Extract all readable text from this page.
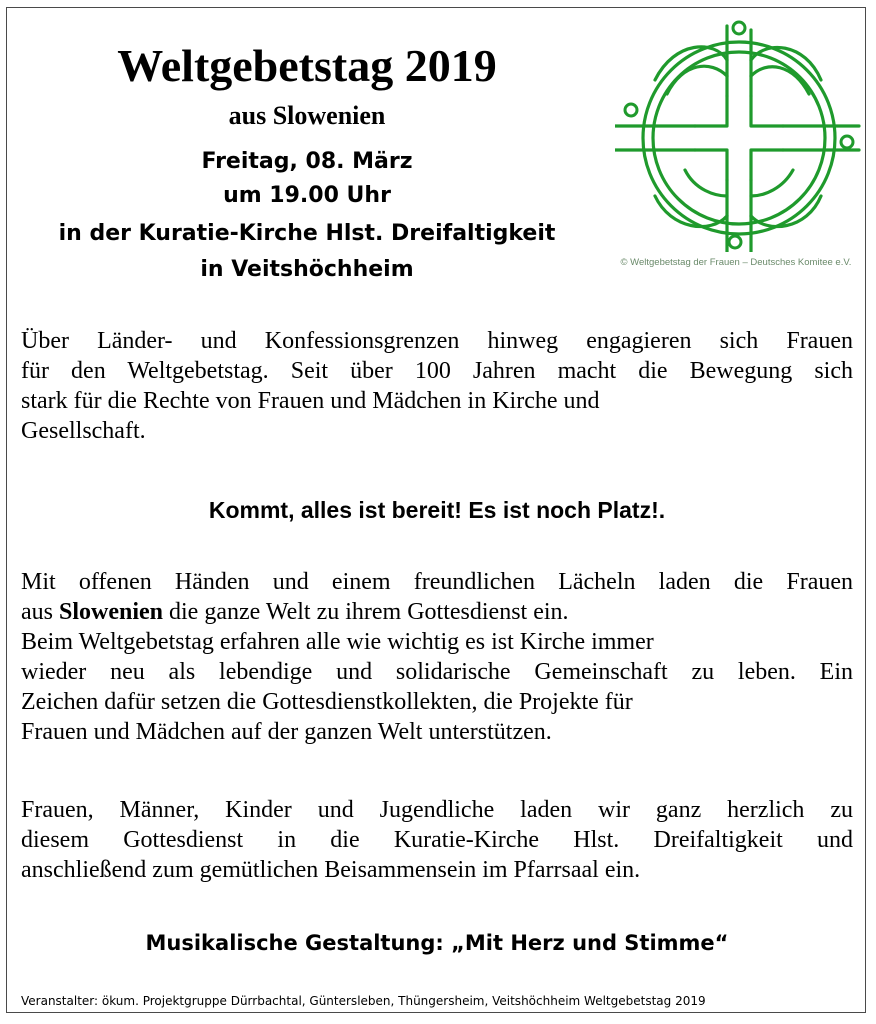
Weltgebetstag 2019
aus Slowenien
Freitag, 08. März
um 19.00 Uhr
in der Kuratie-Kirche Hlst. Dreifaltigkeit
in Veitshöchheim	© Weltgebetstag der Frauen – Deutsches Komitee e.V.
Über Länder- und Konfessionsgrenzen hinweg engagieren sich Frauen
für den Weltgebetstag. Seit über 100 Jahren macht die Bewegung sich
stark für die Rechte von Frauen und Mädchen in Kirche und
Gesellschaft.
Kommt, alles ist bereit! Es ist noch Platz!.
Mit offenen Händen und einem freundlichen Lächeln laden die Frauen
aus Slowenien die ganze Welt zu ihrem Gottesdienst ein.
Beim Weltgebetstag erfahren alle wie wichtig es ist Kirche immer
wieder neu als lebendige und solidarische Gemeinschaft zu leben. Ein
Zeichen dafür setzen die Gottesdienstkollekten, die Projekte für
Frauen und Mädchen auf der ganzen Welt unterstützen.
Frauen, Männer, Kinder und Jugendliche laden wir ganz herzlich zu
diesem Gottesdienst in die Kuratie-Kirche Hlst. Dreifaltigkeit und
anschließend zum gemütlichen Beisammensein im Pfarrsaal ein.
Musikalische Gestaltung: „Mit Herz und Stimme“
Veranstalter: ökum. Projektgruppe Dürrbachtal, Güntersleben, Thüngersheim, Veitshöchheim Weltgebetstag 2019
